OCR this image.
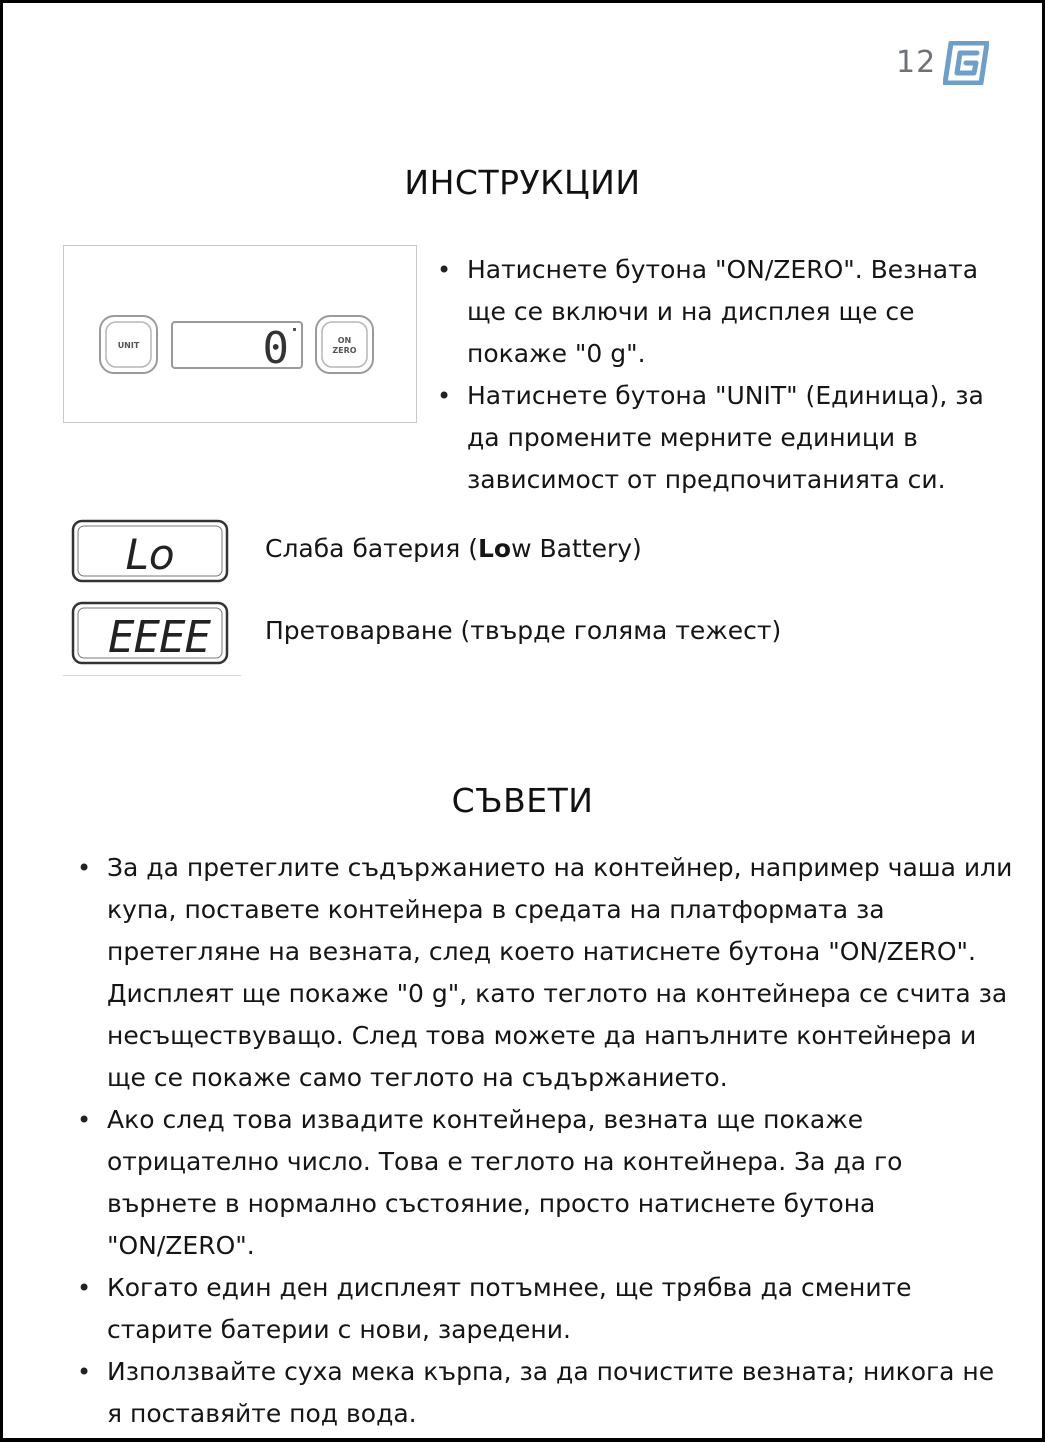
12
ИНСТРУКЦИИ
UNIT	0	ON
ZERO
• Натиснете бутона "ON/ZERO". Везната ще се включи и на дисплея ще се покаже "0 g".
• Натиснете бутона "UNIT" (Единица), за да промените мерните единици в зависимост от предпочитанията си.
Lo	Слаба батерия (Low Battery)
EEEE Претоварване (твърде голяма тежест)
СЪВЕТИ
• За да претеглите съдържанието на контейнер, например чаша или купа, поставете контейнера в средата на платформата за претегляне на везната, след което натиснете бутона "ON/ZERO". Дисплеят ще покаже "0 g", като теглото на контейнера се счита за несъществуващо. След това можете да напълните контейнера и ще се покаже само теглото на съдържанието.
• Ако след това извадите контейнера, везната ще покаже отрицателно число. Това е теглото на контейнера. За да го върнете в нормално състояние, просто натиснете бутона "ON/ZERO".
• Когато един ден дисплеят потъмнее, ще трябва да смените старите батерии с нови, заредени.
• Използвайте суха мека кърпа, за да почистите везната; никога не я поставяйте под вода.
